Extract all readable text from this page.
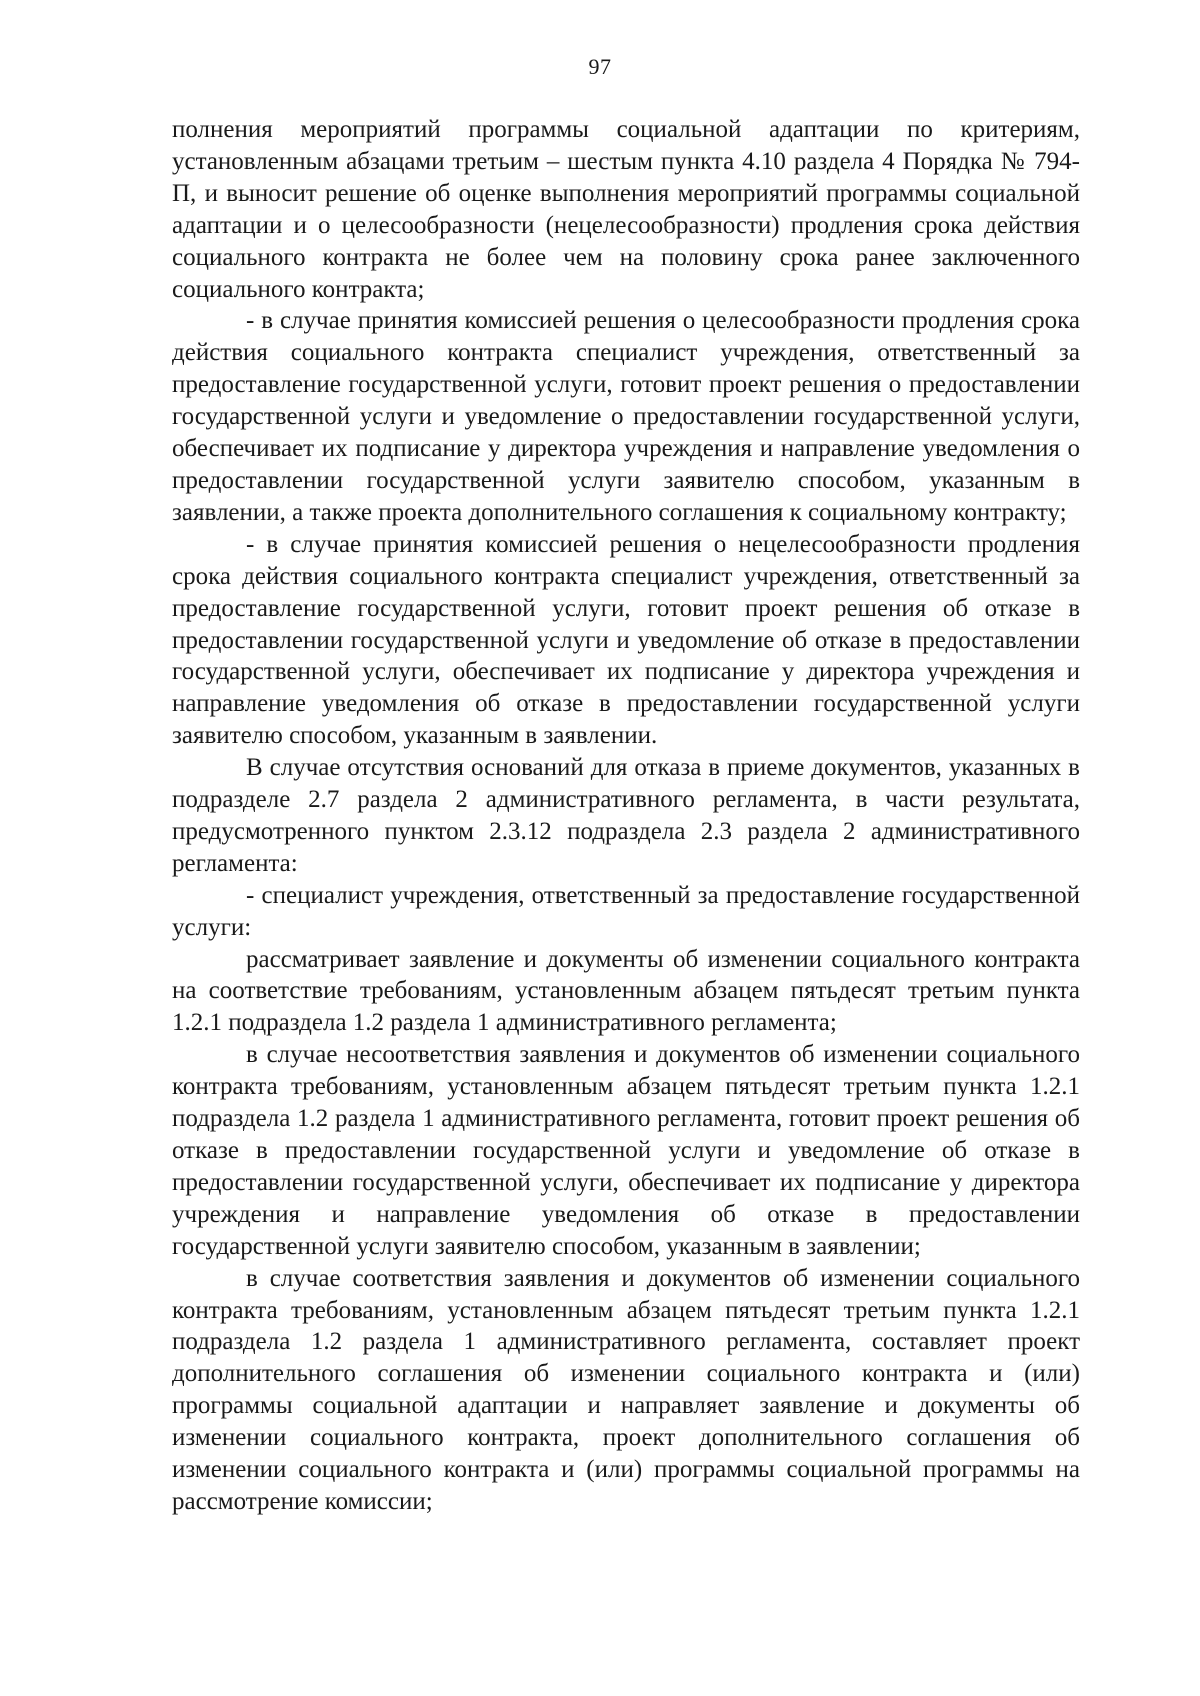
97

полнения мероприятий программы социальной адаптации по критериям, установленным абзацами третьим – шестым пункта 4.10 раздела 4 Порядка № 794-П, и выносит решение об оценке выполнения мероприятий программы социальной адаптации и о целесообразности (нецелесообразности) продления срока действия социального контракта не более чем на половину срока ранее заключенного социального контракта;

- в случае принятия комиссией решения о целесообразности продления срока действия социального контракта специалист учреждения, ответственный за предоставление государственной услуги, готовит проект решения о предоставлении государственной услуги и уведомление о предоставлении государственной услуги, обеспечивает их подписание у директора учреждения и направление уведомления о предоставлении государственной услуги заявителю способом, указанным в заявлении, а также проекта дополнительного соглашения к социальному контракту;

- в случае принятия комиссией решения о нецелесообразности продления срока действия социального контракта специалист учреждения, ответственный за предоставление государственной услуги, готовит проект решения об отказе в предоставлении государственной услуги и уведомление об отказе в предоставлении государственной услуги, обеспечивает их подписание у директора учреждения и направление уведомления об отказе в предоставлении государственной услуги заявителю способом, указанным в заявлении.

В случае отсутствия оснований для отказа в приеме документов, указанных в подразделе 2.7 раздела 2 административного регламента, в части результата, предусмотренного пунктом 2.3.12 подраздела 2.3 раздела 2 административного регламента:

- специалист учреждения, ответственный за предоставление государственной услуги:

рассматривает заявление и документы об изменении социального контракта на соответствие требованиям, установленным абзацем пятьдесят третьим пункта 1.2.1 подраздела 1.2 раздела 1 административного регламента;

в случае несоответствия заявления и документов об изменении социального контракта требованиям, установленным абзацем пятьдесят третьим пункта 1.2.1 подраздела 1.2 раздела 1 административного регламента, готовит проект решения об отказе в предоставлении государственной услуги и уведомление об отказе в предоставлении государственной услуги, обеспечивает их подписание у директора учреждения и направление уведомления об отказе в предоставлении государственной услуги заявителю способом, указанным в заявлении;

в случае соответствия заявления и документов об изменении социального контракта требованиям, установленным абзацем пятьдесят третьим пункта 1.2.1 подраздела 1.2 раздела 1 административного регламента, составляет проект дополнительного соглашения об изменении социального контракта и (или) программы социальной адаптации и направляет заявление и документы об изменении социального контракта, проект дополнительного соглашения об изменении социального контракта и (или) программы социальной программы на рассмотрение комиссии;
